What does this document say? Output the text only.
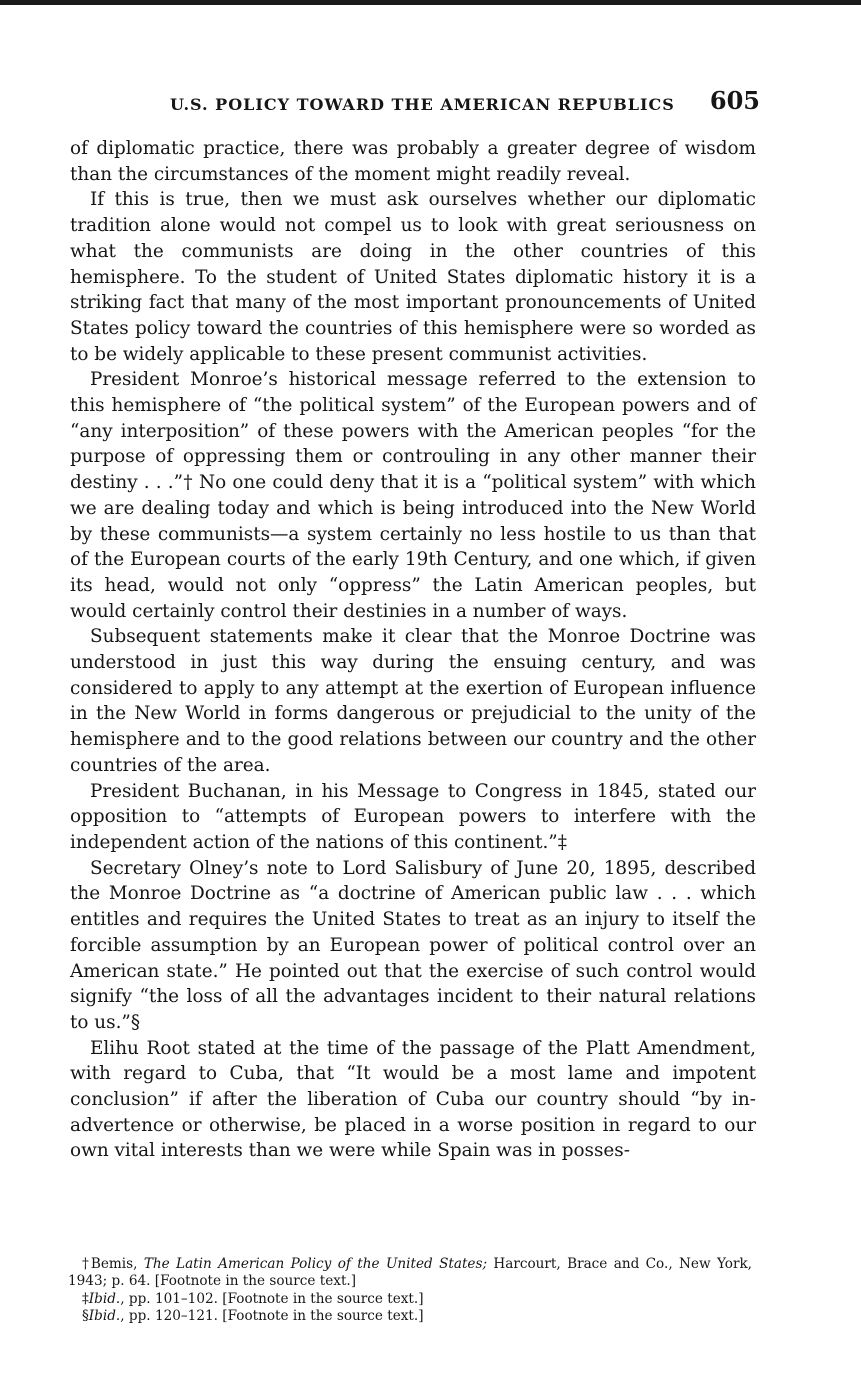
U.S. POLICY TOWARD THE AMERICAN REPUBLICS 605

of diplomatic practice, there was probably a greater degree of wisdom than the circumstances of the moment might readily reveal.

If this is true, then we must ask ourselves whether our diplomatic tradition alone would not compel us to look with great seriousness on what the communists are doing in the other countries of this hemisphere. To the student of United States diplomatic history it is a striking fact that many of the most important pronouncements of United States policy toward the countries of this hemisphere were so worded as to be widely applicable to these present communist activities.

President Monroe’s historical message referred to the extension to this hemisphere of “the political system” of the European powers and of “any interposition” of these powers with the American peoples “for the purpose of oppressing them or controuling in any other manner their destiny . . .”† No one could deny that it is a “political system” with which we are dealing today and which is being introduced into the New World by these communists—a system certainly no less hostile to us than that of the European courts of the early 19th Century, and one which, if given its head, would not only “oppress” the Latin American peoples, but would certainly control their destinies in a number of ways.

Subsequent statements make it clear that the Monroe Doctrine was understood in just this way during the ensuing century, and was considered to apply to any attempt at the exertion of European influence in the New World in forms dangerous or prejudicial to the unity of the hemisphere and to the good relations between our country and the other countries of the area.

President Buchanan, in his Message to Congress in 1845, stated our opposition to “attempts of European powers to interfere with the independent action of the nations of this continent.”‡

Secretary Olney’s note to Lord Salisbury of June 20, 1895, described the Monroe Doctrine as “a doctrine of American public law . . . which entitles and requires the United States to treat as an injury to itself the forcible assumption by an European power of political control over an American state.” He pointed out that the exercise of such control would signify “the loss of all the advantages incident to their natural relations to us.”§

Elihu Root stated at the time of the passage of the Platt Amendment, with regard to Cuba, that “It would be a most lame and impotent conclusion” if after the liberation of Cuba our country should “by inadvertence or otherwise, be placed in a worse position in regard to our own vital interests than we were while Spain was in posses-

†Bemis, The Latin American Policy of the United States; Harcourt, Brace and Co., New York, 1943; p. 64. [Footnote in the source text.]

‡Ibid., pp. 101–102. [Footnote in the source text.]

§Ibid., pp. 120–121. [Footnote in the source text.]
